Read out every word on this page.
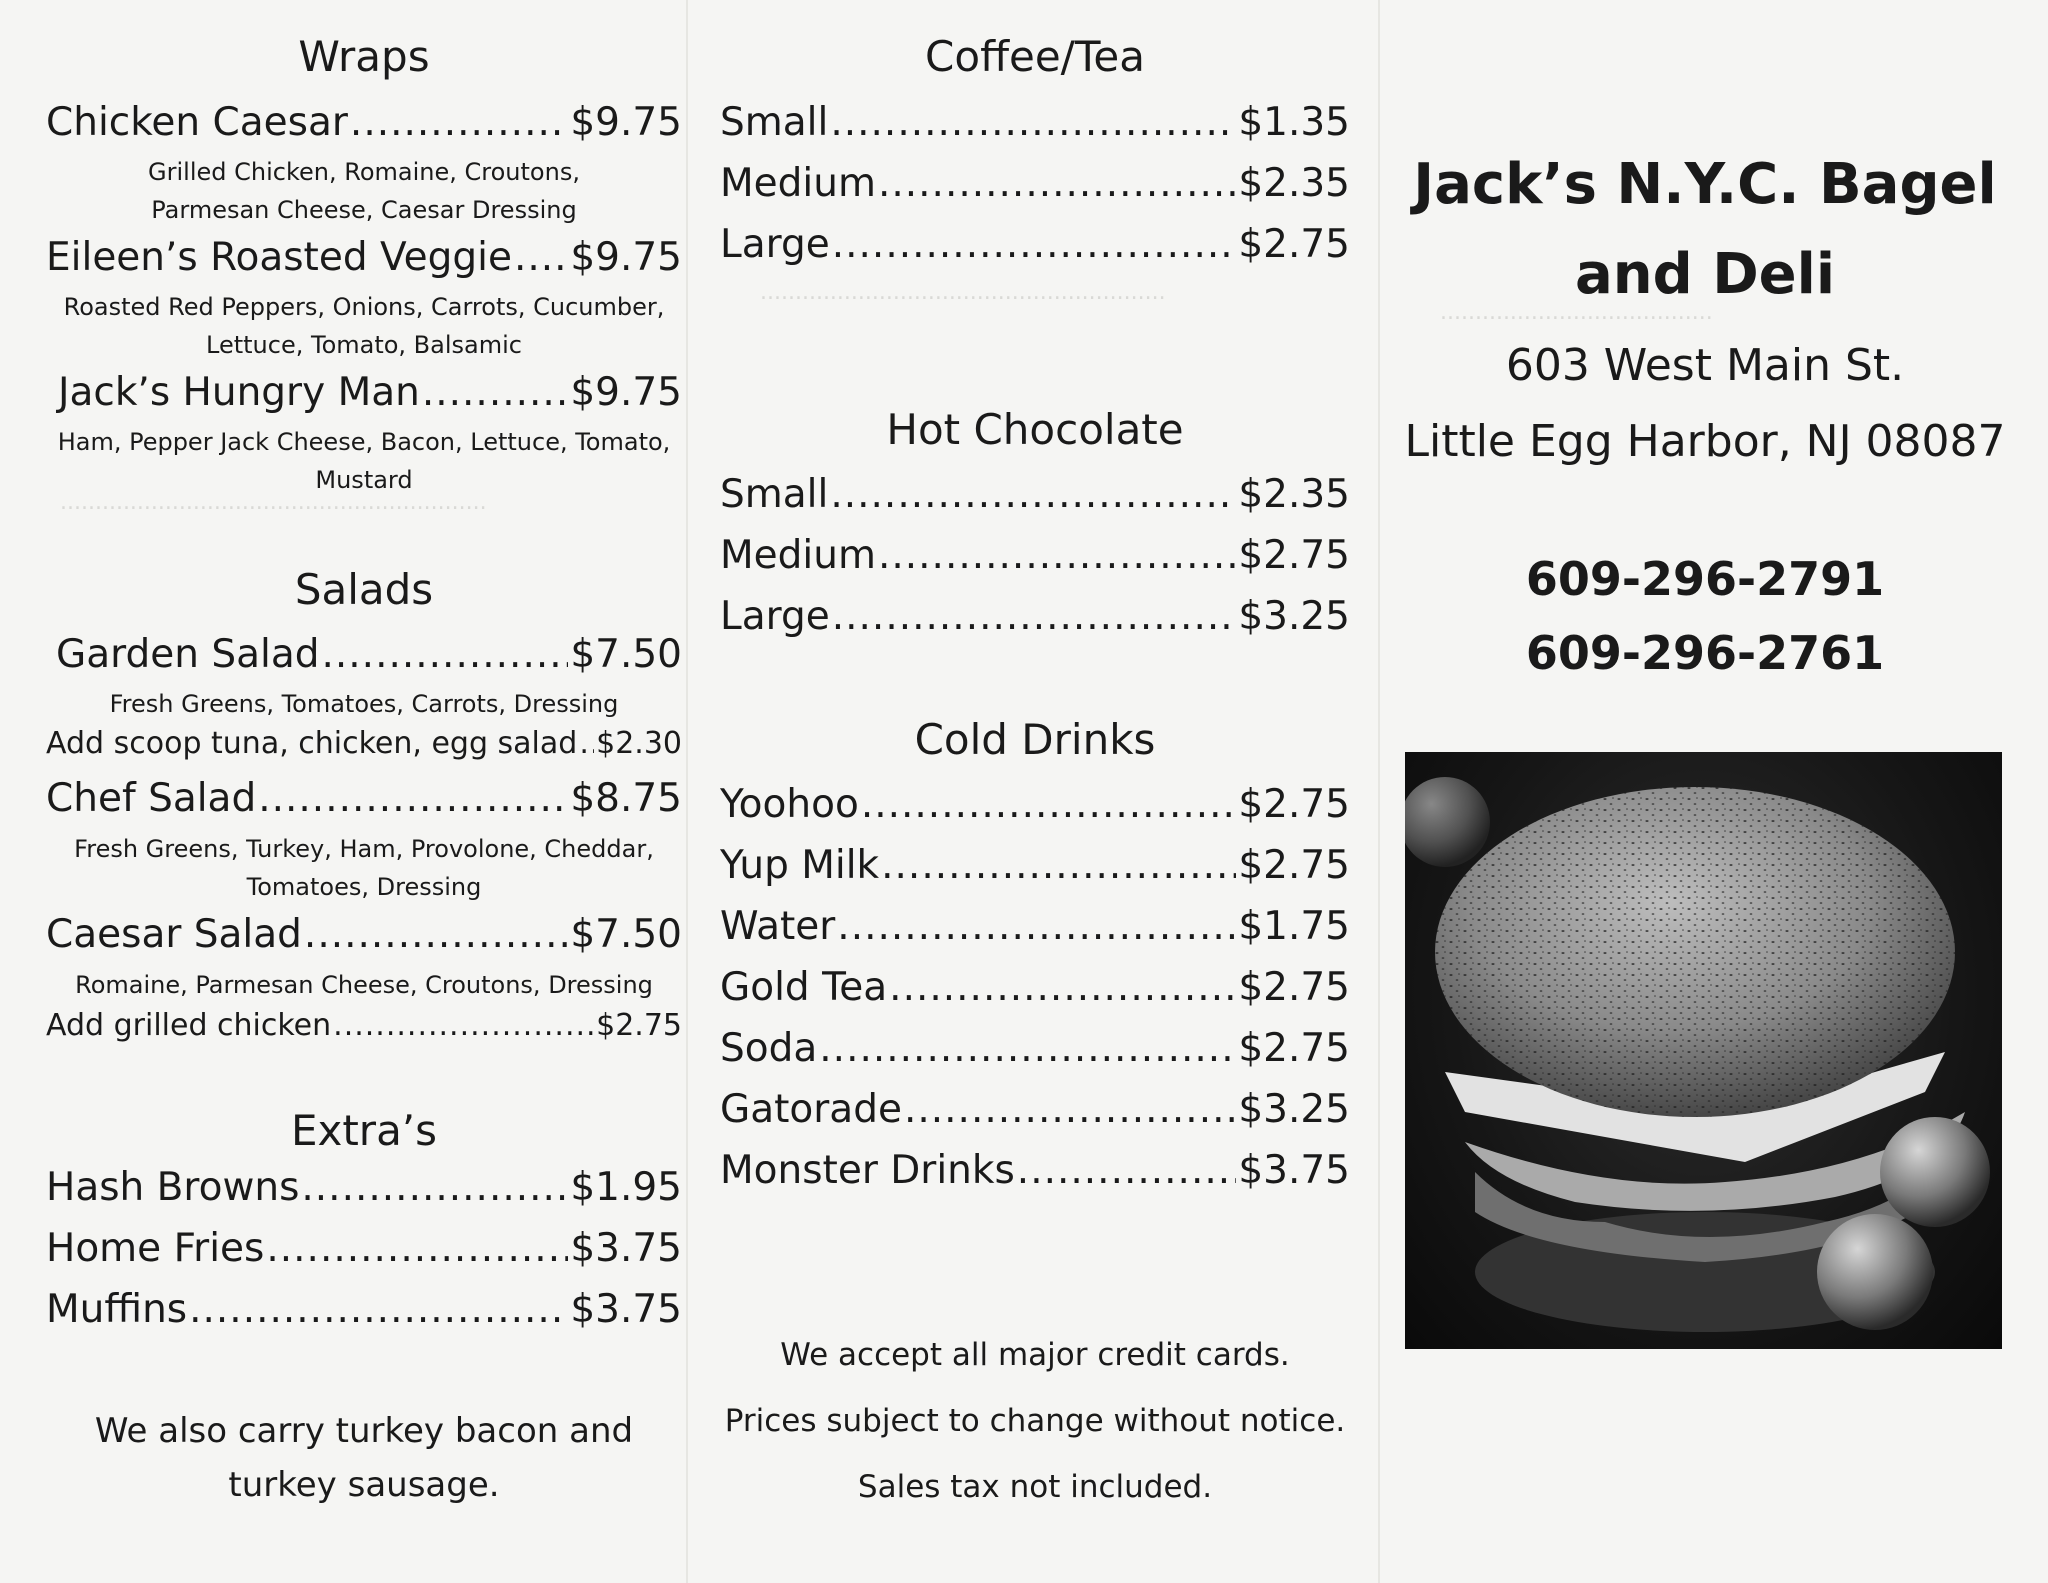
..........................................................
.......................................
.............................................................
Wraps
Chicken Caesar .....	$9.75
Grilled Chicken, Romaine, Croutons,
Parmesan Cheese, Caesar Dressing
Eileen’s Roasted Veggie ..... $9.75
Roasted Red Peppers, Onions, Carrots, Cucumber,
Lettuce, Tomato, Balsamic
Jack’s Hungry Man .....	$9.75
Ham, Pepper Jack Cheese, Bacon, Lettuce, Tomato,
Mustard
Salads
Garden Salad .....	$7.50
Fresh Greens, Tomatoes, Carrots, Dressing
Add scoop tuna, chicken, egg salad ..... $2.30
Chef Salad .....	$8.75
Fresh Greens, Turkey, Ham, Provolone, Cheddar,
Tomatoes, Dressing
Caesar Salad .....	$7.50
Romaine, Parmesan Cheese, Croutons, Dressing
Add grilled chicken .....	$2.75
Extra’s
Hash Browns .....	$1.95
Home Fries .....	$3.75
Muffins .....	$3.75
We also carry turkey bacon and
turkey sausage.
Coffee/Tea
Small .....	$1.35
Medium .....	$2.35
Large .....	$2.75
Hot Chocolate
Small .....	$2.35
Medium .....	$2.75
Large .....	$3.25
Cold Drinks
Yoohoo .....	$2.75
Yup Milk .....	$2.75
Water .....	$1.75
Gold Tea .....	$2.75
Soda .....	$2.75
Gatorade .....	$3.25
Monster Drinks .....	$3.75
We accept all major credit cards.
Prices subject to change without notice.
Sales tax not included.
Jack’s N.Y.C. Bagel
and Deli
603 West Main St.
Little Egg Harbor, NJ 08087
609-296-2791
609-296-2761
